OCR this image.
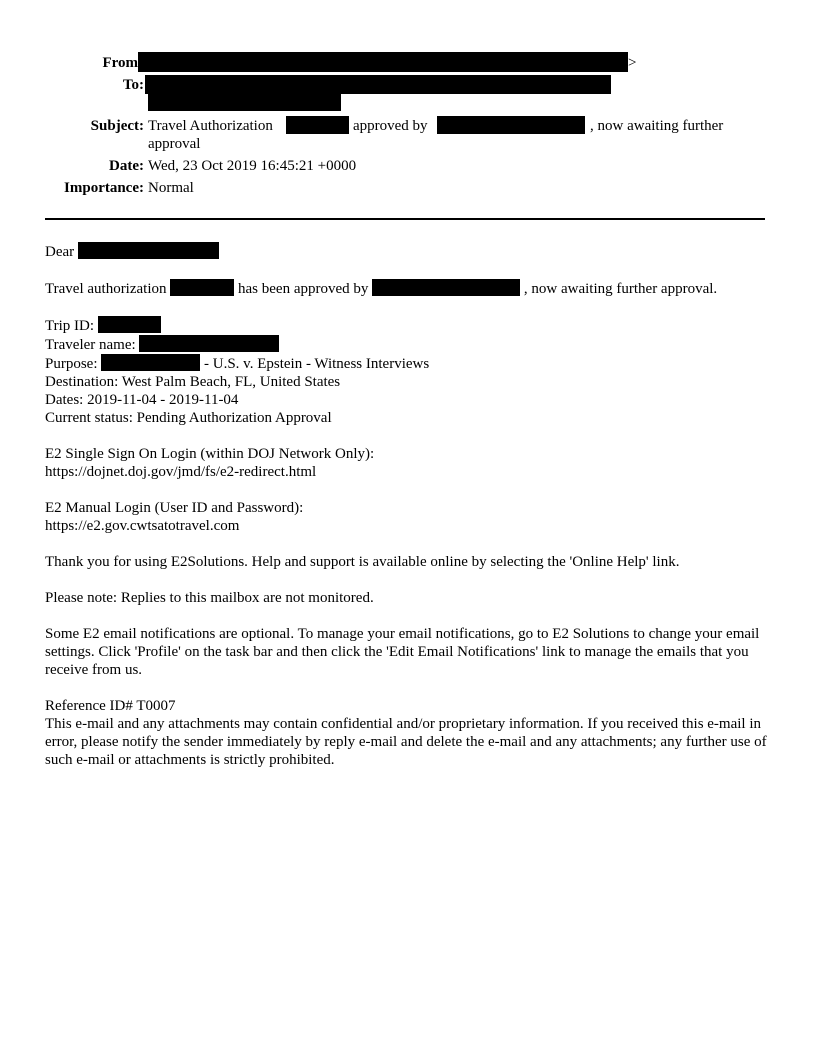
From	>
To:
Subject: Travel Authorization	approved by	, now awaiting further
approval
Date: Wed, 23 Oct 2019 16:45:21 +0000
Importance: Normal

Dear

Travel authorization	has been approved by	, now awaiting further approval.

Trip ID:

Traveler name:

Purpose:	- U.S. v. Epstein - Witness Interviews

Destination: West Palm Beach, FL, United States

Dates: 2019-11-04 - 2019-11-04

Current status: Pending Authorization Approval

E2 Single Sign On Login (within DOJ Network Only):

https://dojnet.doj.gov/jmd/fs/e2-redirect.html

E2 Manual Login (User ID and Password):

https://e2.gov.cwtsatotravel.com

Thank you for using E2Solutions. Help and support is available online by selecting the 'Online Help' link.

Please note: Replies to this mailbox are not monitored.

Some E2 email notifications are optional. To manage your email notifications, go to E2 Solutions to change your email settings. Click 'Profile' on the task bar and then click the 'Edit Email Notifications' link to manage the emails that you receive from us.

Reference ID# T0007

This e-mail and any attachments may contain confidential and/or proprietary information. If you received this e-mail in error, please notify the sender immediately by reply e-mail and delete the e-mail and any attachments; any further use of such e-mail or attachments is strictly prohibited.
